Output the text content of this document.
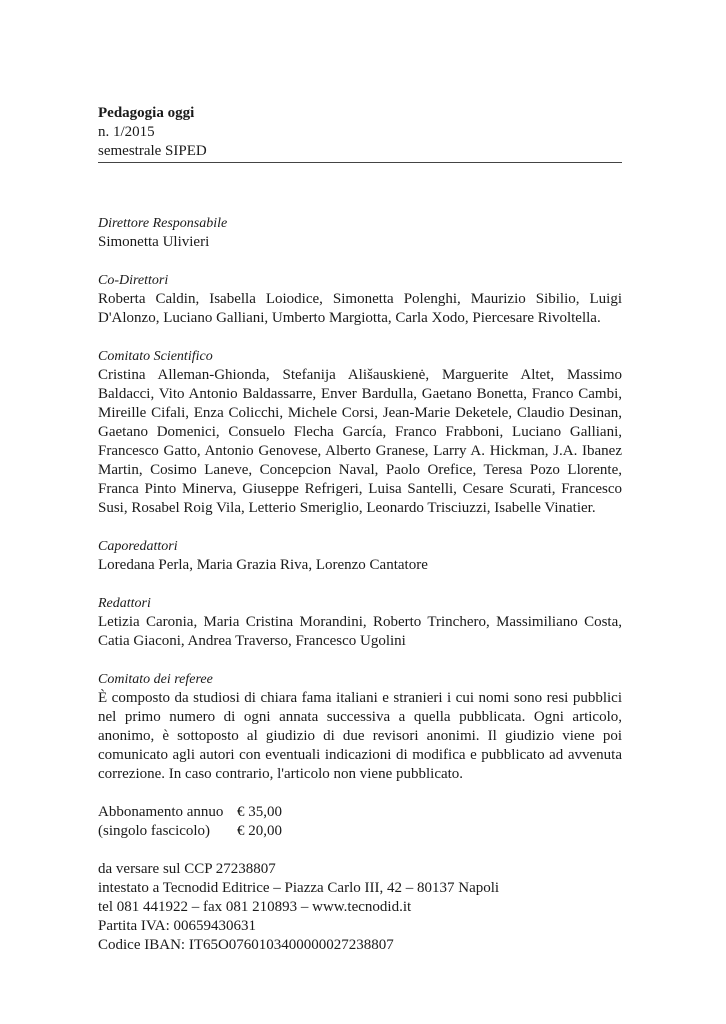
Pedagogia oggi
n. 1/2015
semestrale SIPED
Direttore Responsabile
Simonetta Ulivieri
Co-Direttori
Roberta Caldin, Isabella Loiodice, Simonetta Polenghi, Maurizio Sibilio, Luigi D'Alonzo, Luciano Galliani, Umberto Margiotta, Carla Xodo, Piercesare Rivoltella.
Comitato Scientifico
Cristina Alleman-Ghionda, Stefanija Ališauskienė, Marguerite Altet, Massimo Baldacci, Vito Antonio Baldassarre, Enver Bardulla, Gaetano Bonetta, Franco Cambi, Mireille Cifali, Enza Colicchi, Michele Corsi, Jean-Marie Deketele, Claudio Desinan, Gaetano Domenici, Consuelo Flecha García, Franco Frabboni, Luciano Galliani, Francesco Gatto, Antonio Genovese, Alberto Granese, Larry A. Hickman, J.A. Ibanez Martin, Cosimo Laneve, Concepcion Naval, Paolo Orefice, Teresa Pozo Llorente, Franca Pinto Minerva, Giuseppe Refrigeri, Luisa Santelli, Cesare Scurati, Francesco Susi, Rosabel Roig Vila, Letterio Smeriglio, Leonardo Trisciuzzi, Isabelle Vinatier.
Caporedattori
Loredana Perla, Maria Grazia Riva, Lorenzo Cantatore
Redattori
Letizia Caronia, Maria Cristina Morandini, Roberto Trinchero, Massimiliano Costa, Catia Giaconi, Andrea Traverso, Francesco Ugolini
Comitato dei referee
È composto da studiosi di chiara fama italiani e stranieri i cui nomi sono resi pubblici nel primo numero di ogni annata successiva a quella pubblicata. Ogni articolo, anonimo, è sottoposto al giudizio di due revisori anonimi. Il giudizio viene poi comunicato agli autori con eventuali indicazioni di modifica e pubblicato ad avvenuta correzione. In caso contrario, l'articolo non viene pubblicato.
Abbonamento annuo	€ 35,00
(singolo fascicolo)	€ 20,00
da versare sul CCP 27238807
intestato a Tecnodid Editrice – Piazza Carlo III, 42 – 80137 Napoli
tel 081 441922 – fax 081 210893 – www.tecnodid.it
Partita IVA: 00659430631
Codice IBAN: IT65O0760103400000027238807
